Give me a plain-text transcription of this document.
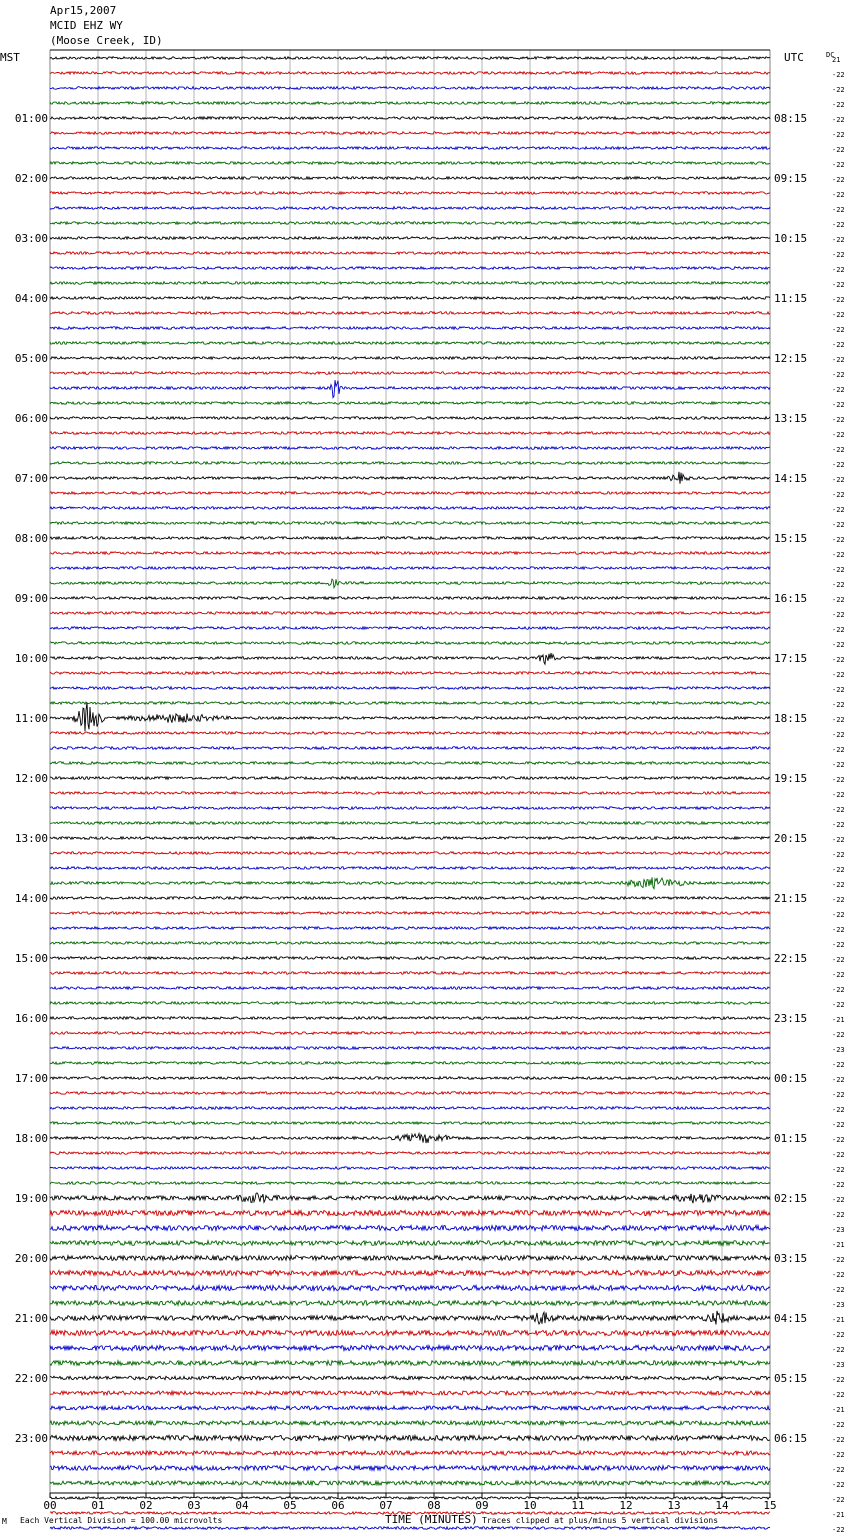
Apr15,2007
MCID EHZ WY
(Moose Creek, ID)
21
-22
-22
-22
-22
01:00	08:15
-22
-22
-22
-22
02:00	09:15
-22
-22
-22
-22
03:00	10:15
-22
-22
-22
-22
04:00	11:15
-22
-22
-22
-22
05:00	12:15
-22
-22
-22
-22
06:00	13:15
-22
-22
-22
-22
07:00	14:15
-22
-22
-22
-22
08:00	15:15
-22
-22
-22
-22
09:00	16:15
-22
-22
-22
-22
10:00	17:15
-22
-22
-22
-22
11:00	18:15
-22
-22
-22
-22
12:00	19:15
-22
-22
-22
-22
13:00	20:15
-22
-22
-22
-22
14:00	21:15
-22
-22
-22
-22
15:00	22:15
-22
-22
-22
-21
16:00	23:15
-22
-23
-22
-22
17:00	00:15
-22
-22
-22
-22
18:00	01:15
-22
-22
-22
-22
19:00	02:15
-22
-23
-21
-22
20:00	03:15
-22
-22
-23
-21
21:00	04:15
-22
-22
-23
-22
22:00	05:15
-22
-21
-22
-22
23:00	06:15
-22
-22
-22
-22
-21
-22
00	01	02	03	04	05	06	07	08	09	10	11	12	13	14	15
MST	UTC	DC
TIME (MINUTES)
M Each Vertical Division = 100.00 microvolts	Traces clipped at plus/minus 5 vertical divisions
